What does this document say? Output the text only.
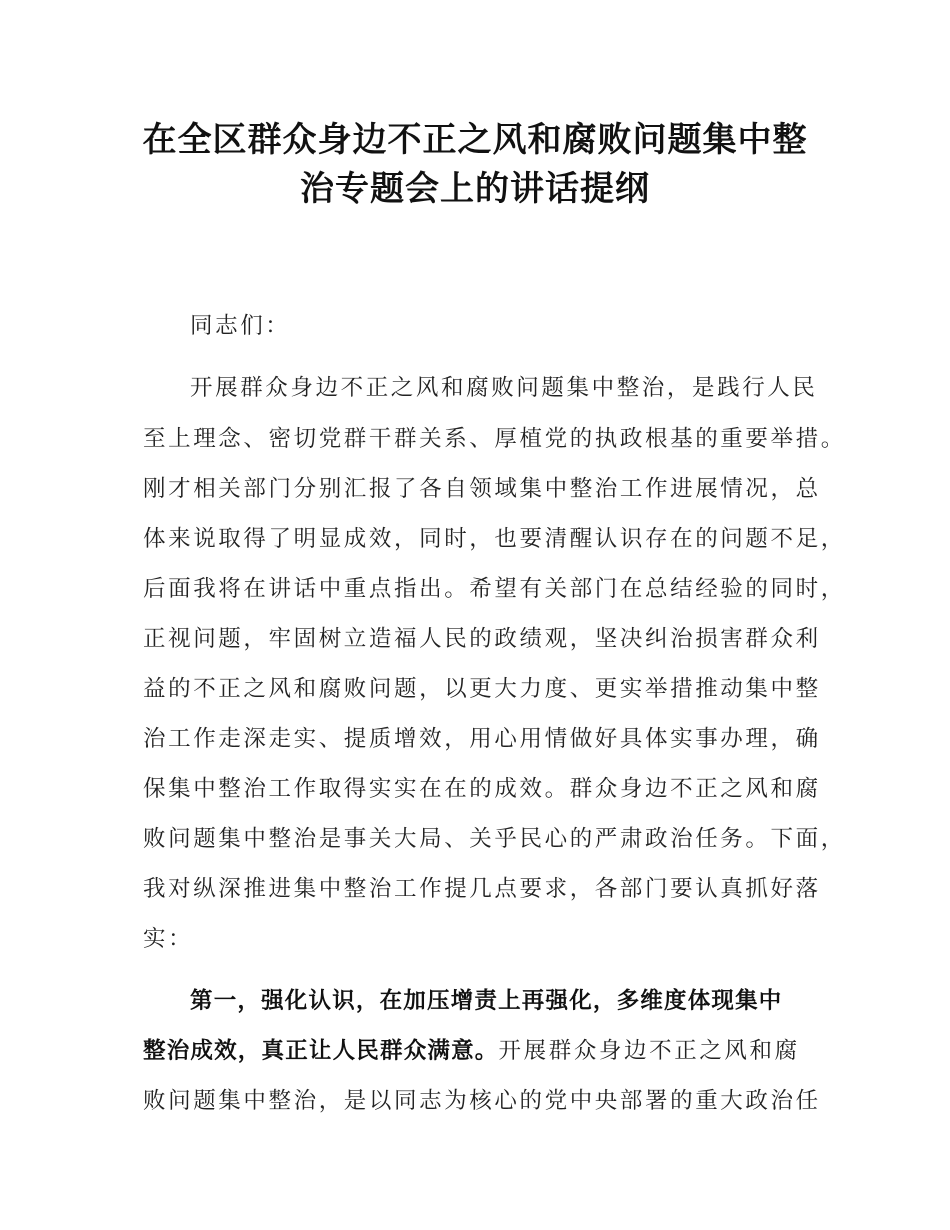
在全区群众身边不正之风和腐败问题集中整
治专题会上的讲话提纲
同志们：
开展群众身边不正之风和腐败问题集中整治，是践行人民
至上理念、密切党群干群关系、厚植党的执政根基的重要举措。
刚才相关部门分别汇报了各自领域集中整治工作进展情况，总
体来说取得了明显成效，同时，也要清醒认识存在的问题不足，
后面我将在讲话中重点指出。希望有关部门在总结经验的同时，
正视问题，牢固树立造福人民的政绩观，坚决纠治损害群众利
益的不正之风和腐败问题，以更大力度、更实举措推动集中整
治工作走深走实、提质增效，用心用情做好具体实事办理，确
保集中整治工作取得实实在在的成效。群众身边不正之风和腐
败问题集中整治是事关大局、关乎民心的严肃政治任务。下面，
我对纵深推进集中整治工作提几点要求，各部门要认真抓好落
实：
第一，强化认识，在加压增责上再强化，多维度体现集中
整治成效，真正让人民群众满意。开展群众身边不正之风和腐
败问题集中整治，是以同志为核心的党中央部署的重大政治任
